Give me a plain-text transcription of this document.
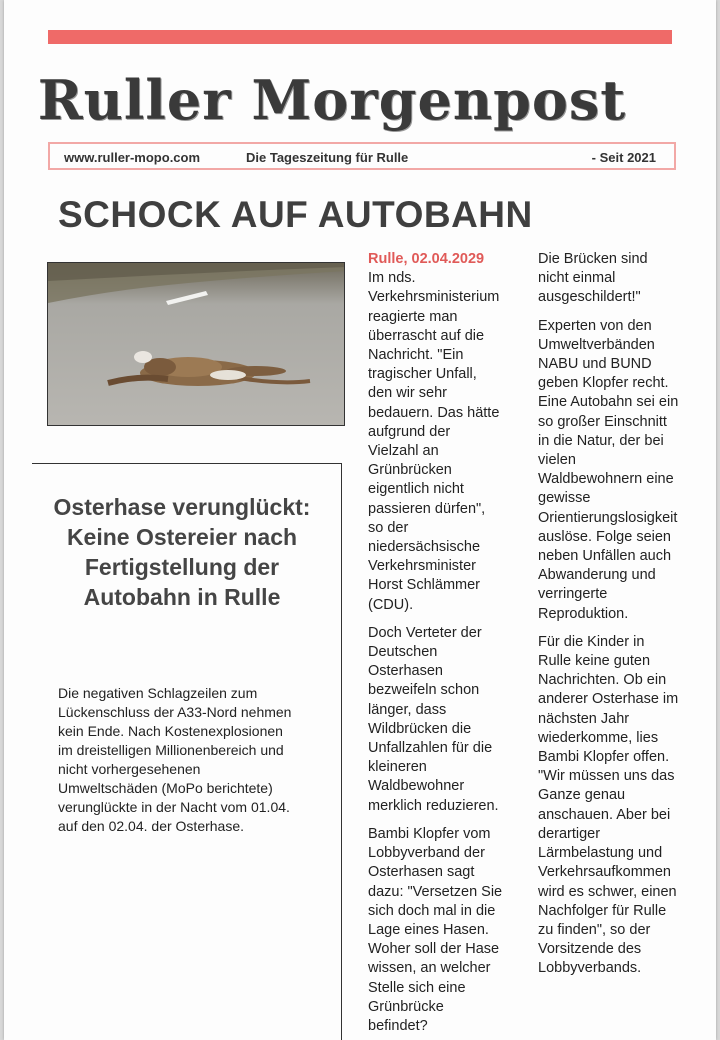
Ruller Morgenpost
www.ruller-mopo.com	Die Tageszeitung für Rulle	- Seit 2021
SCHOCK AUF AUTOBAHN
Osterhase verunglückt:
Keine Ostereier nach
Fertigstellung der
Autobahn in Rulle
Die negativen Schlagzeilen zum
Lückenschluss der A33-Nord nehmen
kein Ende. Nach Kostenexplosionen
im dreistelligen Millionenbereich und
nicht vorhergesehenen
Umweltschäden (MoPo berichtete)
verunglückte in der Nacht vom 01.04.
auf den 02.04. der Osterhase.
Rulle, 02.04.2029
Im nds.
Verkehrsministerium
reagierte man
überrascht auf die
Nachricht. "Ein
tragischer Unfall,
den wir sehr
bedauern. Das hätte
aufgrund der
Vielzahl an
Grünbrücken
eigentlich nicht
passieren dürfen",
so der
niedersächsische
Verkehrsminister
Horst Schlämmer
(CDU).
Doch Verteter der
Deutschen
Osterhasen
bezweifeln schon
länger, dass
Wildbrücken die
Unfallzahlen für die
kleineren
Waldbewohner
merklich reduzieren.
Bambi Klopfer vom
Lobbyverband der
Osterhasen sagt
dazu: "Versetzen Sie
sich doch mal in die
Lage eines Hasen.
Woher soll der Hase
wissen, an welcher
Stelle sich eine
Grünbrücke
befindet?
Die Brücken sind
nicht einmal
ausgeschildert!"
Experten von den
Umweltverbänden
NABU und BUND
geben Klopfer recht.
Eine Autobahn sei ein
so großer Einschnitt
in die Natur, der bei
vielen
Waldbewohnern eine
gewisse
Orientierungslosigkeit
auslöse. Folge seien
neben Unfällen auch
Abwanderung und
verringerte
Reproduktion.
Für die Kinder in
Rulle keine guten
Nachrichten. Ob ein
anderer Osterhase im
nächsten Jahr
wiederkomme, lies
Bambi Klopfer offen.
"Wir müssen uns das
Ganze genau
anschauen. Aber bei
derartiger
Lärmbelastung und
Verkehrsaufkommen
wird es schwer, einen
Nachfolger für Rulle
zu finden", so der
Vorsitzende des
Lobbyverbands.
